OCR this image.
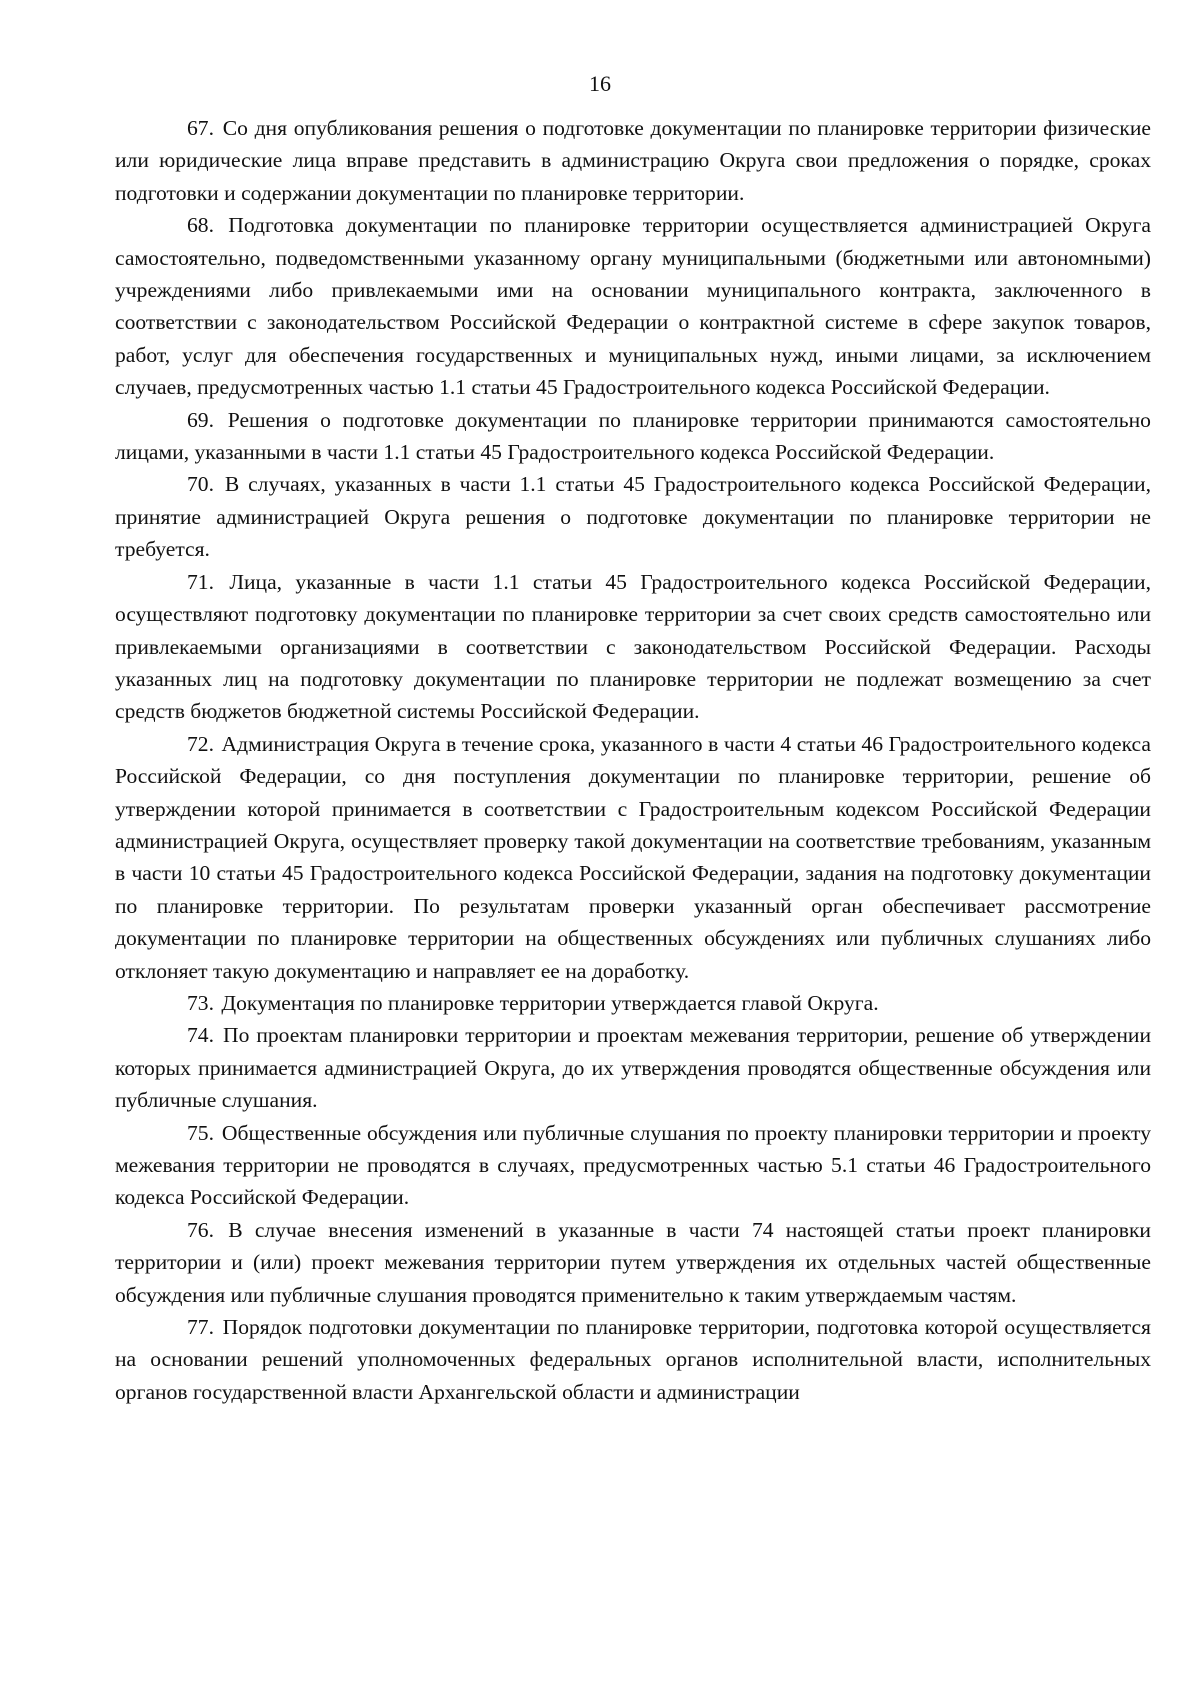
16

67. Со дня опубликования решения о подготовке документации по планировке территории физические или юридические лица вправе представить в администрацию Округа свои предложения о порядке, сроках подготовки и содержании документации по планировке территории.

68. Подготовка документации по планировке территории осуществляется администрацией Округа самостоятельно, подведомственными указанному органу муниципальными (бюджетными или автономными) учреждениями либо привлекаемыми ими на основании муниципального контракта, заключенного в соответствии с законодательством Российской Федерации о контрактной системе в сфере закупок товаров, работ, услуг для обеспечения государственных и муниципальных нужд, иными лицами, за исключением случаев, предусмотренных частью 1.1 статьи 45 Градостроительного кодекса Российской Федерации.

69. Решения о подготовке документации по планировке территории принимаются самостоятельно лицами, указанными в части 1.1 статьи 45 Градостроительного кодекса Российской Федерации.

70. В случаях, указанных в части 1.1 статьи 45 Градостроительного кодекса Российской Федерации, принятие администрацией Округа решения о подготовке документации по планировке территории не требуется.

71. Лица, указанные в части 1.1 статьи 45 Градостроительного кодекса Российской Федерации, осуществляют подготовку документации по планировке территории за счет своих средств самостоятельно или привлекаемыми организациями в соответствии с законодательством Российской Федерации. Расходы указанных лиц на подготовку документации по планировке территории не подлежат возмещению за счет средств бюджетов бюджетной системы Российской Федерации.

72. Администрация Округа в течение срока, указанного в части 4 статьи 46 Градостроительного кодекса Российской Федерации, со дня поступления документации по планировке территории, решение об утверждении которой принимается в соответствии с Градостроительным кодексом Российской Федерации администрацией Округа, осуществляет проверку такой документации на соответствие требованиям, указанным в части 10 статьи 45 Градостроительного кодекса Российской Федерации, задания на подготовку документации по планировке территории. По результатам проверки указанный орган обеспечивает рассмотрение документации по планировке территории на общественных обсуждениях или публичных слушаниях либо отклоняет такую документацию и направляет ее на доработку.

73. Документация по планировке территории утверждается главой Округа.

74. По проектам планировки территории и проектам межевания территории, решение об утверждении которых принимается администрацией Округа, до их утверждения проводятся общественные обсуждения или публичные слушания.

75. Общественные обсуждения или публичные слушания по проекту планировки территории и проекту межевания территории не проводятся в случаях, предусмотренных частью 5.1 статьи 46 Градостроительного кодекса Российской Федерации.

76. В случае внесения изменений в указанные в части 74 настоящей статьи проект планировки территории и (или) проект межевания территории путем утверждения их отдельных частей общественные обсуждения или публичные слушания проводятся применительно к таким утверждаемым частям.

77. Порядок подготовки документации по планировке территории, подготовка которой осуществляется на основании решений уполномоченных федеральных органов исполнительной власти, исполнительных органов государственной власти Архангельской области и администрации
